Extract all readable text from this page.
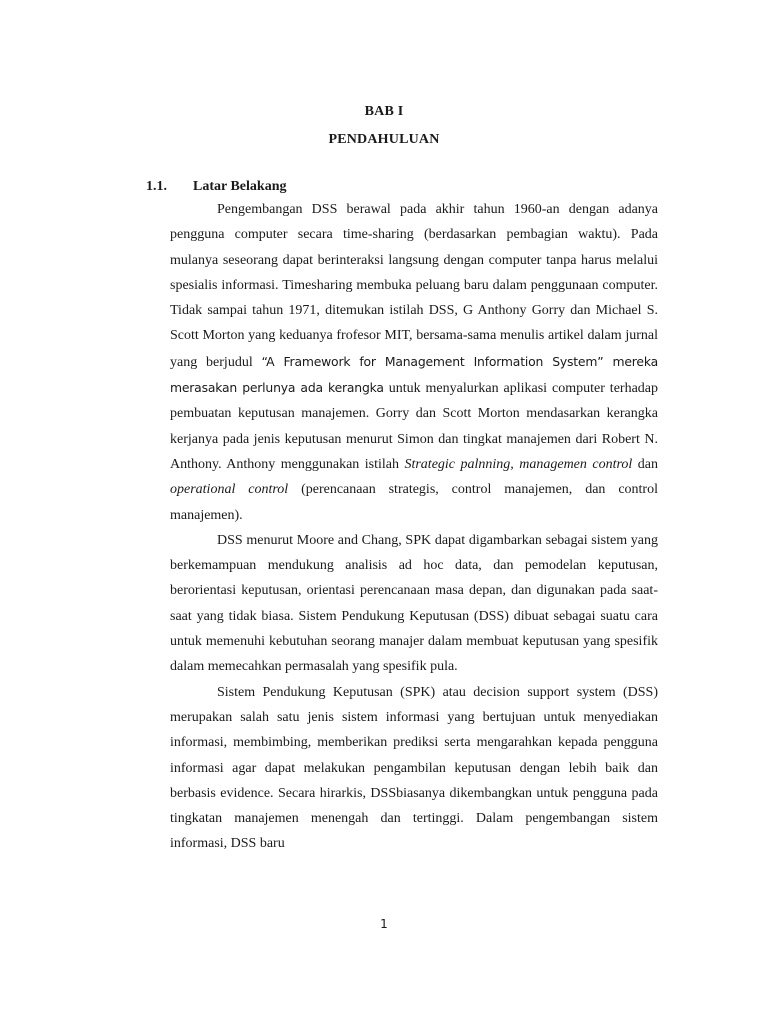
BAB I
PENDAHULUAN
1.1. Latar Belakang

Pengembangan DSS berawal pada akhir tahun 1960-an dengan adanya pengguna computer secara time-sharing (berdasarkan pembagian waktu). Pada mulanya seseorang dapat berinteraksi langsung dengan computer tanpa harus melalui spesialis informasi. Timesharing membuka peluang baru dalam penggunaan computer. Tidak sampai tahun 1971, ditemukan istilah DSS, G Anthony Gorry dan Michael S. Scott Morton yang keduanya frofesor MIT, bersama-sama menulis artikel dalam jurnal yang berjudul “A Framework for Management Information System” mereka merasakan perlunya ada kerangka untuk menyalurkan aplikasi computer terhadap pembuatan keputusan manajemen. Gorry dan Scott Morton mendasarkan kerangka kerjanya pada jenis keputusan menurut Simon dan tingkat manajemen dari Robert N. Anthony. Anthony menggunakan istilah Strategic palnning, managemen control dan operational control (perencanaan strategis, control manajemen, dan control manajemen).

DSS menurut Moore and Chang, SPK dapat digambarkan sebagai sistem yang berkemampuan mendukung analisis ad hoc data, dan pemodelan keputusan, berorientasi keputusan, orientasi perencanaan masa depan, dan digunakan pada saat-saat yang tidak biasa. Sistem Pendukung Keputusan (DSS) dibuat sebagai suatu cara untuk memenuhi kebutuhan seorang manajer dalam membuat keputusan yang spesifik dalam memecahkan permasalah yang spesifik pula.

Sistem Pendukung Keputusan (SPK) atau decision support system (DSS) merupakan salah satu jenis sistem informasi yang bertujuan untuk menyediakan informasi, membimbing, memberikan prediksi serta mengarahkan kepada pengguna informasi agar dapat melakukan pengambilan keputusan dengan lebih baik dan berbasis evidence. Secara hirarkis, DSSbiasanya dikembangkan untuk pengguna pada tingkatan manajemen menengah dan tertinggi. Dalam pengembangan sistem informasi, DSS baru

1
